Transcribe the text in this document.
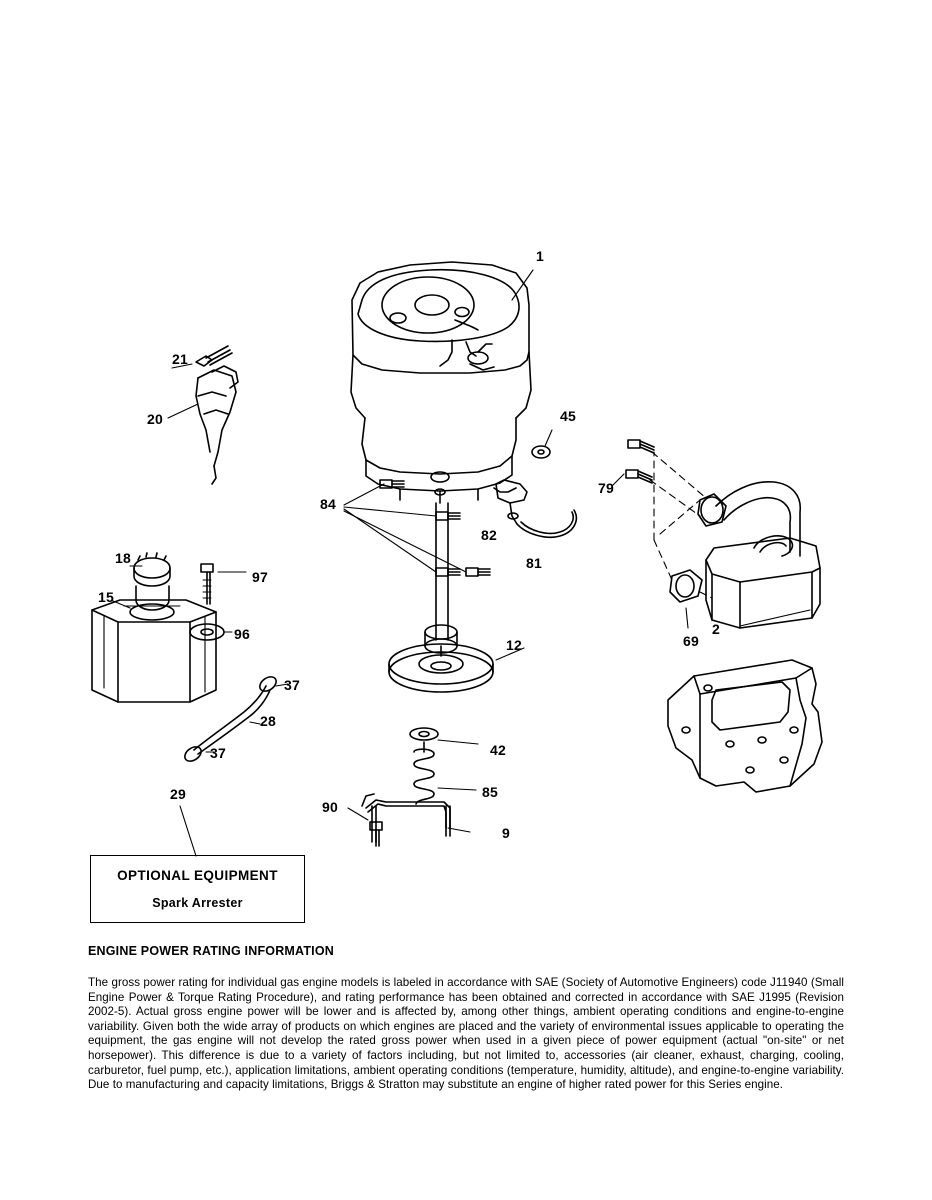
1
21
20	45
79
84
82
81
18
97
15
96	69
2
12
37
28
37	42
85
29
90
9
OPTIONAL EQUIPMENT
Spark Arrester
ENGINE POWER RATING INFORMATION
The gross power rating for individual gas engine models is labeled in accordance with SAE (Society of Automotive Engineers) code J11940 (Small Engine Power & Torque Rating Procedure), and rating performance has been obtained and corrected in accordance with SAE J1995 (Revision 2002-5). Actual gross engine power will be lower and is affected by, among other things, ambient operating conditions and engine-to-engine variability. Given both the wide array of products on which engines are placed and the variety of environmental issues applicable to operating the equipment, the gas engine will not develop the rated gross power when used in a given piece of power equipment (actual "on-site" or net horsepower). This difference is due to a variety of factors including, but not limited to, accessories (air cleaner, exhaust, charging, cooling, carburetor, fuel pump, etc.), application limitations, ambient operating conditions (temperature, humidity, altitude), and engine-to-engine variability. Due to manufacturing and capacity limitations, Briggs & Stratton may substitute an engine of higher rated power for this Series engine.
